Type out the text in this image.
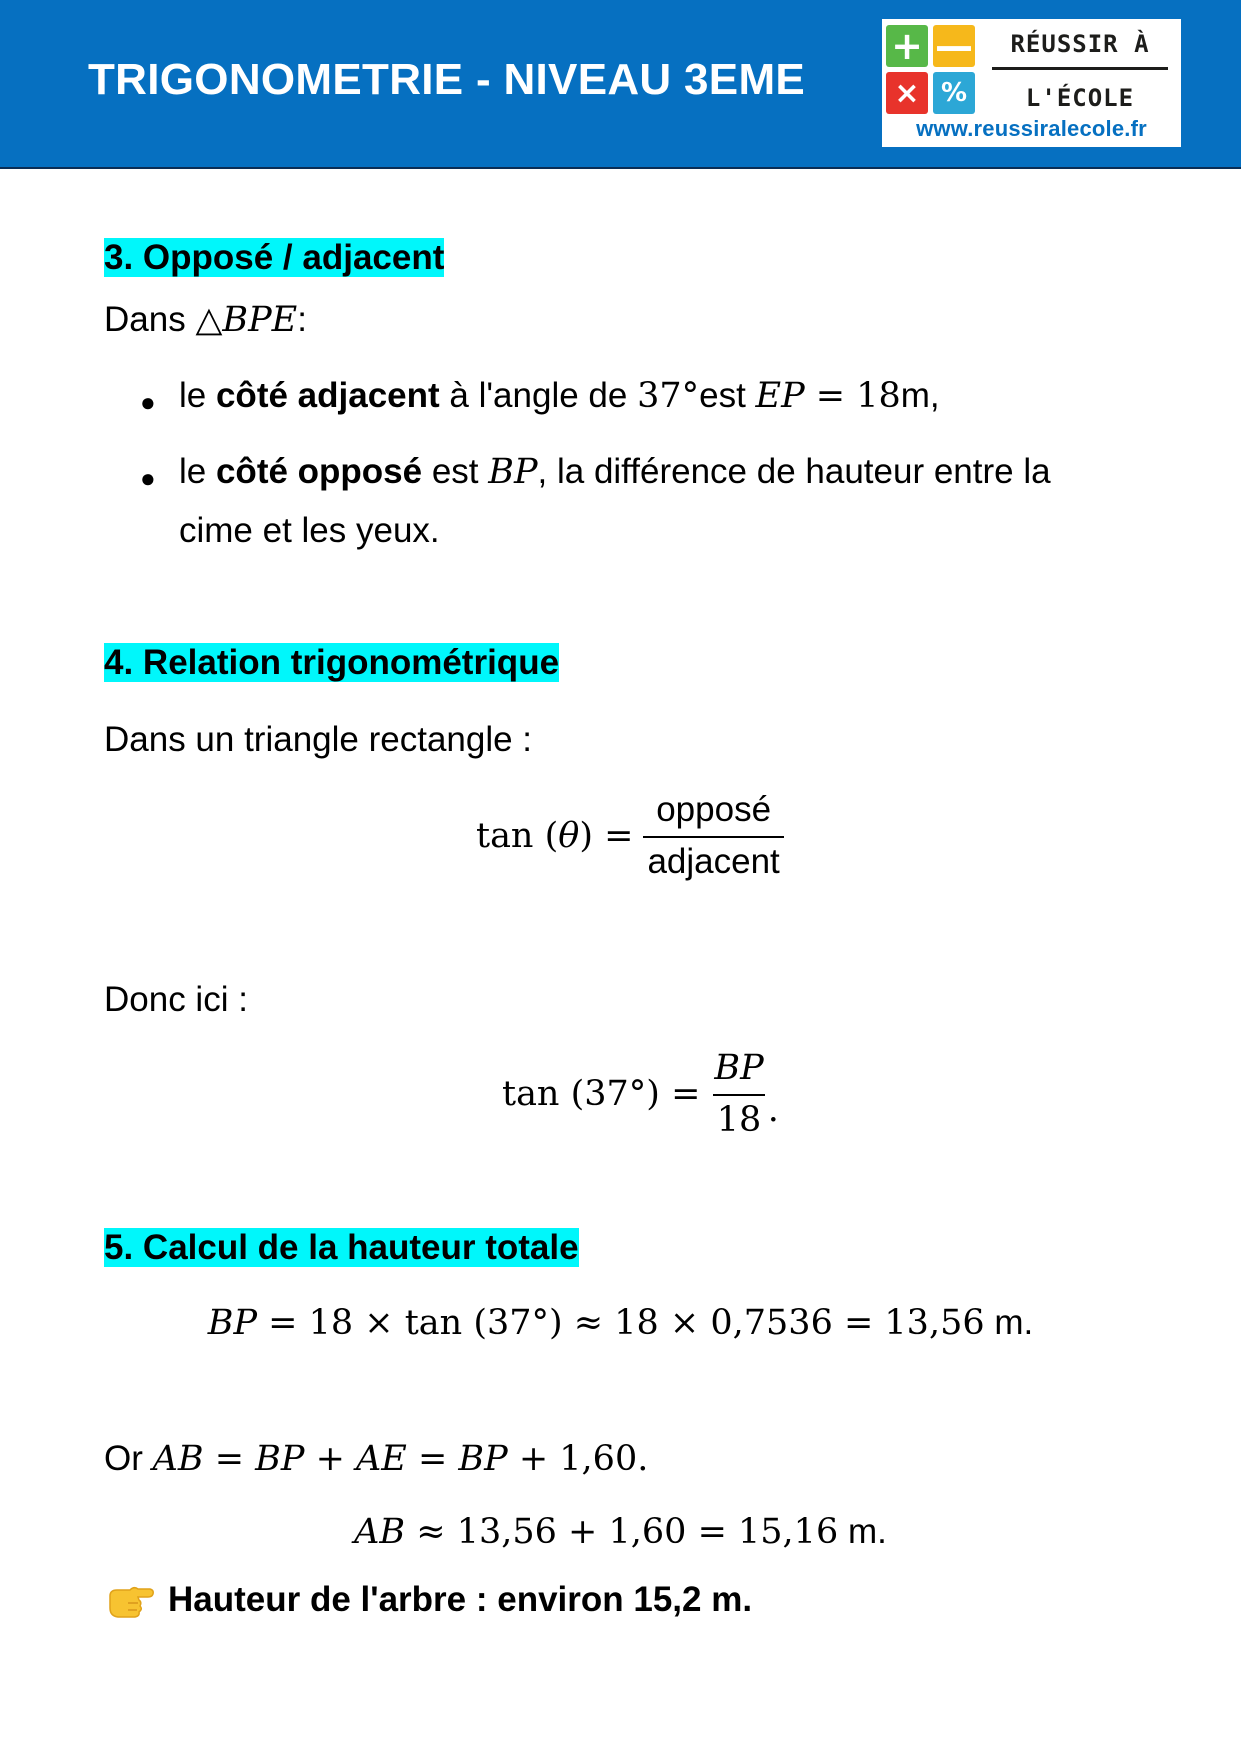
TRIGONOMETRIE - NIVEAU 3EME
+ —
× %
RÉUSSIR À
L'ÉCOLE
www.reussiralecole.fr
3. Opposé / adjacent
Dans △BPE:
● le côté adjacent à l'angle de 37°est EP = 18m,
● le côté opposé est BP, la différence de hauteur entre la
cime et les yeux.
4. Relation trigonométrique
Dans un triangle rectangle :
tan ( θ ) = $\frac{\text{opposé}}{\text{adjacent}}$
Donc ici :
$\tan (37^\circ) = \frac{BP}{18}$ .
5. Calcul de la hauteur totale
BP = 18 × tan (37°) ≈ 18 × 0,7536 = 13,56 m.
Or AB = BP + AE = BP + 1,60.
AB ≈ 13,56 + 1,60 = 15,16 m.
Hauteur de l'arbre : environ 15,2 m.
